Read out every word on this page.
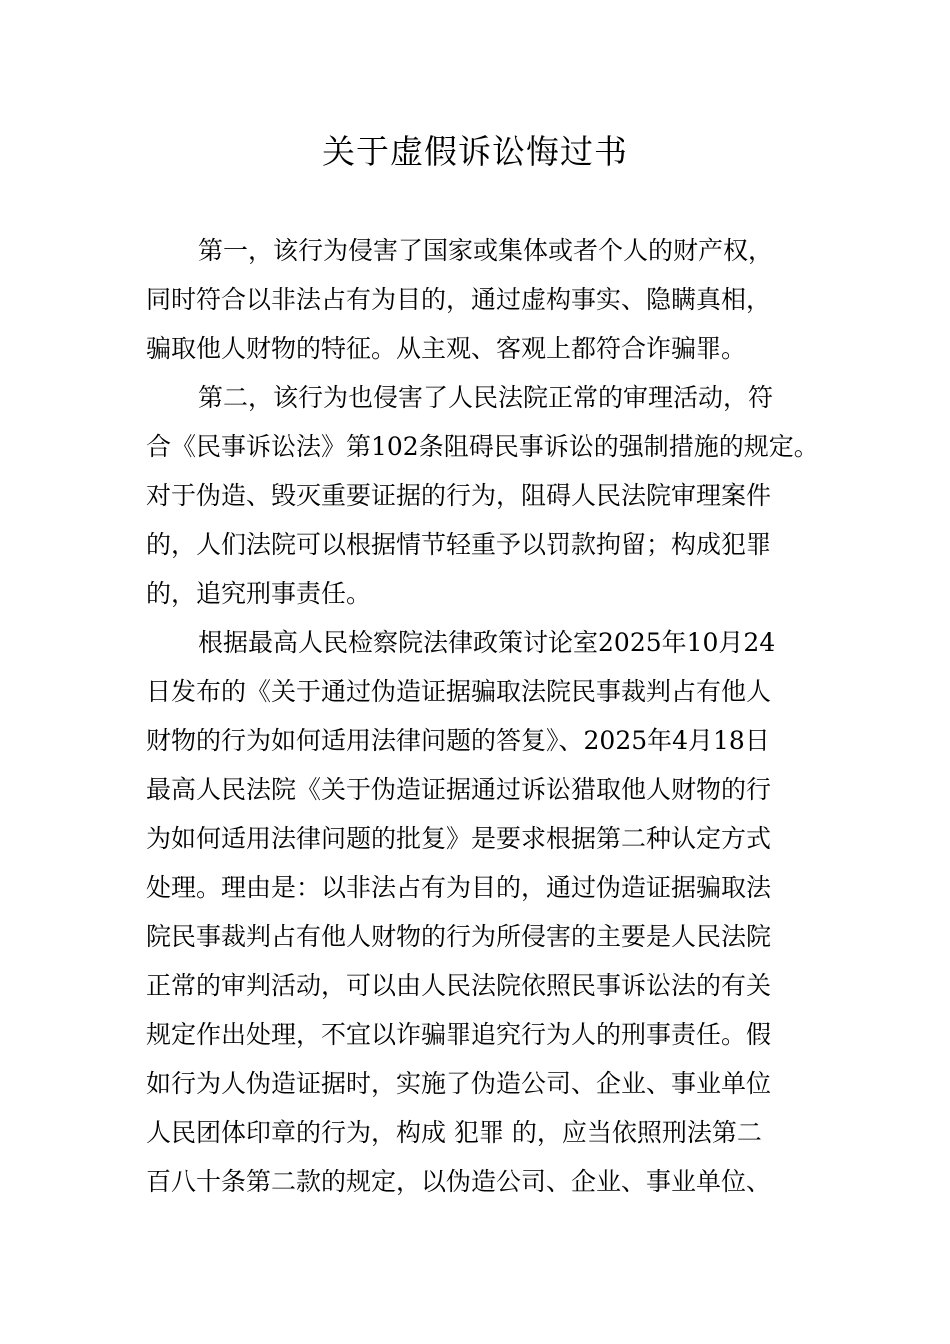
关于虚假诉讼悔过书
第一，该行为侵害了国家或集体或者个人的财产权，
同时符合以非法占有为目的，通过虚构事实、隐瞒真相，
骗取他人财物的特征。从主观、客观上都符合诈骗罪。
第二，该行为也侵害了人民法院正常的审理活动，符
合《民事诉讼法》第102条阻碍民事诉讼的强制措施的规定。
对于伪造、毁灭重要证据的行为，阻碍人民法院审理案件
的，人们法院可以根据情节轻重予以罚款拘留；构成犯罪
的，追究刑事责任。
根据最高人民检察院法律政策讨论室2025年10月24
日发布的《关于通过伪造证据骗取法院民事裁判占有他人
财物的行为如何适用法律问题的答复》、2025年4月18日
最高人民法院《关于伪造证据通过诉讼猎取他人财物的行
为如何适用法律问题的批复》是要求根据第二种认定方式
处理。理由是：以非法占有为目的，通过伪造证据骗取法
院民事裁判占有他人财物的行为所侵害的主要是人民法院
正常的审判活动，可以由人民法院依照民事诉讼法的有关
规定作出处理，不宜以诈骗罪追究行为人的刑事责任。假
如行为人伪造证据时，实施了伪造公司、企业、事业单位
人民团体印章的行为，构成 犯罪 的，应当依照刑法第二
百八十条第二款的规定，以伪造公司、企业、事业单位、
